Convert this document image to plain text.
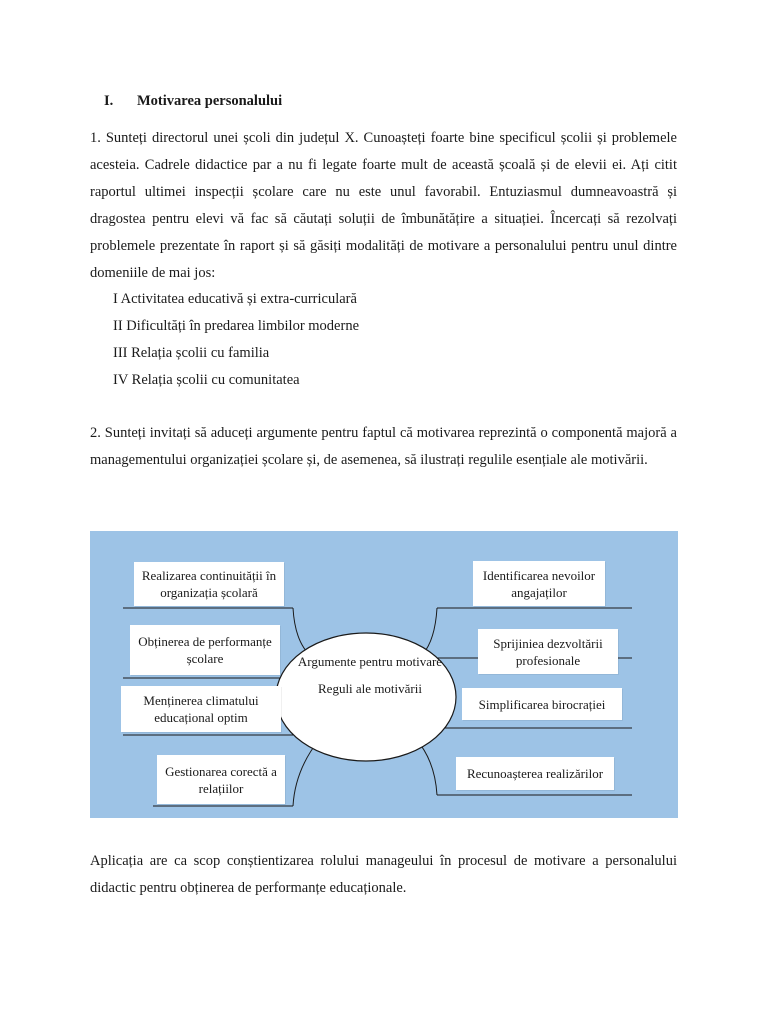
I. Motivarea personalului

1. Sunteți directorul unei școli din județul X. Cunoașteți foarte bine specificul școlii și problemele acesteia. Cadrele didactice par a nu fi legate foarte mult de această școală și de elevii ei. Ați citit raportul ultimei inspecții școlare care nu este unul favorabil. Entuziasmul dumneavoastră și dragostea pentru elevi vă fac să căutați soluții de îmbunătățire a situației. Încercați să rezolvați problemele prezentate în raport și să găsiți modalități de motivare a personalului pentru unul dintre domeniile de mai jos:

I Activitatea educativă și extra-curriculară
II Dificultăți în predarea limbilor moderne
III Relația școlii cu familia
IV Relația școlii cu comunitatea

2. Sunteți invitați să aduceți argumente pentru faptul că motivarea reprezintă o componentă majoră a managementului organizației școlare și, de asemenea, să ilustrați regulile esențiale ale motivării.

Argumente pentru motivare
Reguli ale motivării
Realizarea continuității în organizația școlară
Obținerea de performanțe școlare
Menținerea climatului educațional optim
Gestionarea corectă a relațiilor
Identificarea nevoilor angajaților
Sprijiniea dezvoltării profesionale
Simplificarea birocrației
Recunoașterea realizărilor

Aplicația are ca scop conștientizarea rolului manageului în procesul de motivare a personalului didactic pentru obținerea de performanțe educaționale.
